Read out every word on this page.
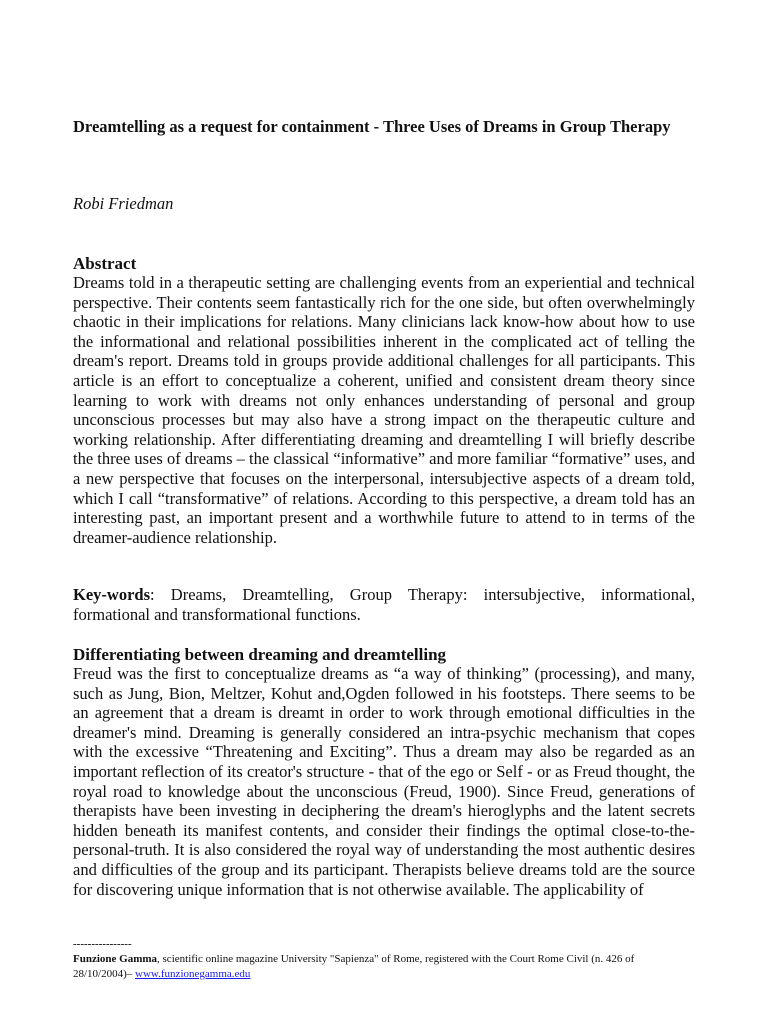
Dreamtelling as a request for containment - Three Uses of Dreams in Group Therapy

Robi Friedman

Abstract

Dreams told in a therapeutic setting are challenging events from an experiential and technical perspective. Their contents seem fantastically rich for the one side, but often overwhelmingly chaotic in their implications for relations. Many clinicians lack know-how about how to use the informational and relational possibilities inherent in the complicated act of telling the dream's report. Dreams told in groups provide additional challenges for all participants. This article is an effort to conceptualize a coherent, unified and consistent dream theory since learning to work with dreams not only enhances understanding of personal and group unconscious processes but may also have a strong impact on the therapeutic culture and working relationship. After differentiating dreaming and dreamtelling I will briefly describe the three uses of dreams – the classical “informative” and more familiar “formative” uses, and a new perspective that focuses on the interpersonal, intersubjective aspects of a dream told, which I call “transformative” of relations. According to this perspective, a dream told has an interesting past, an important present and a worthwhile future to attend to in terms of the dreamer-audience relationship.

Key-words: Dreams, Dreamtelling, Group Therapy: intersubjective, informational, formational and transformational functions.

Differentiating between dreaming and dreamtelling

Freud was the first to conceptualize dreams as “a way of thinking” (processing), and many, such as Jung, Bion, Meltzer, Kohut and,Ogden followed in his footsteps. There seems to be an agreement that a dream is dreamt in order to work through emotional difficulties in the dreamer's mind. Dreaming is generally considered an intra-psychic mechanism that copes with the excessive “Threatening and Exciting”. Thus a dream may also be regarded as an important reflection of its creator's structure - that of the ego or Self - or as Freud thought, the royal road to knowledge about the unconscious (Freud, 1900). Since Freud, generations of therapists have been investing in deciphering the dream's hieroglyphs and the latent secrets hidden beneath its manifest contents, and consider their findings the optimal close-to-the-personal-truth. It is also considered the royal way of understanding the most authentic desires and difficulties of the group and its participant. Therapists believe dreams told are the source for discovering unique information that is not otherwise available. The applicability of

----------------
Funzione Gamma, scientific online magazine University "Sapienza" of Rome, registered with the Court Rome Civil (n. 426 of 28/10/2004)– www.funzionegamma.edu
